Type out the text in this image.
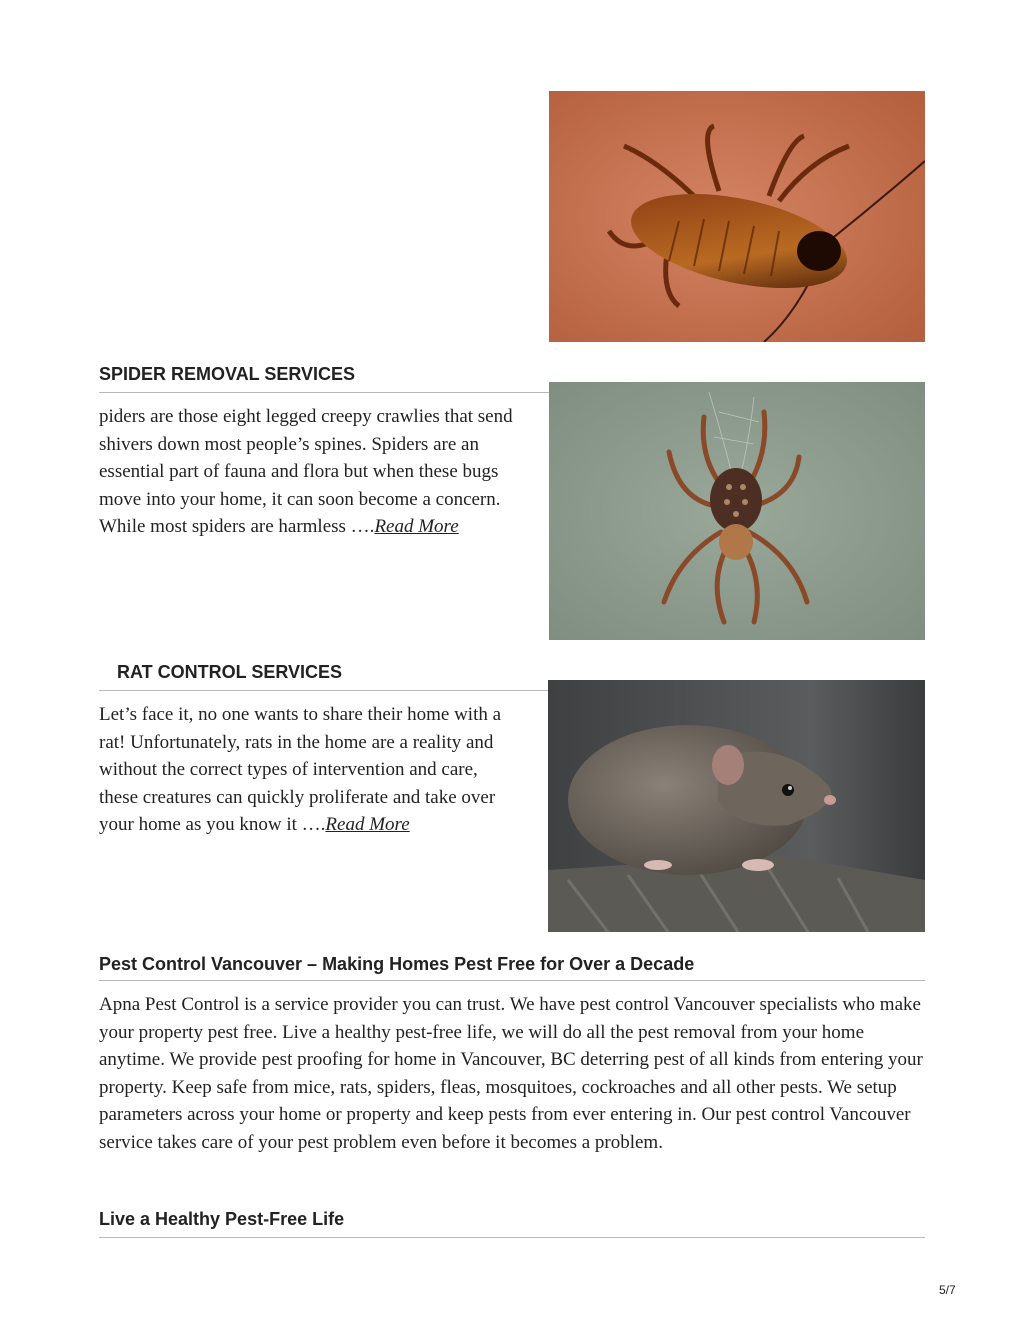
SPIDER REMOVAL SERVICES

piders are those eight legged creepy crawlies that send shivers down most people’s spines. Spiders are an essential part of fauna and flora but when these bugs move into your home, it can soon become a concern. While most spiders are harmless ….Read More

RAT CONTROL SERVICES

Let’s face it, no one wants to share their home with a rat! Unfortunately, rats in the home are a reality and without the correct types of intervention and care, these creatures can quickly proliferate and take over your home as you know it ….Read More

Pest Control Vancouver – Making Homes Pest Free for Over a Decade

Apna Pest Control is a service provider you can trust. We have pest control Vancouver specialists who make your property pest free. Live a healthy pest-free life, we will do all the pest removal from your home anytime. We provide pest proofing for home in Vancouver, BC deterring pest of all kinds from entering your property. Keep safe from mice, rats, spiders, fleas, mosquitoes, cockroaches and all other pests. We setup parameters across your home or property and keep pests from ever entering in. Our pest control Vancouver service takes care of your pest problem even before it becomes a problem.

Live a Healthy Pest-Free Life
5/7
